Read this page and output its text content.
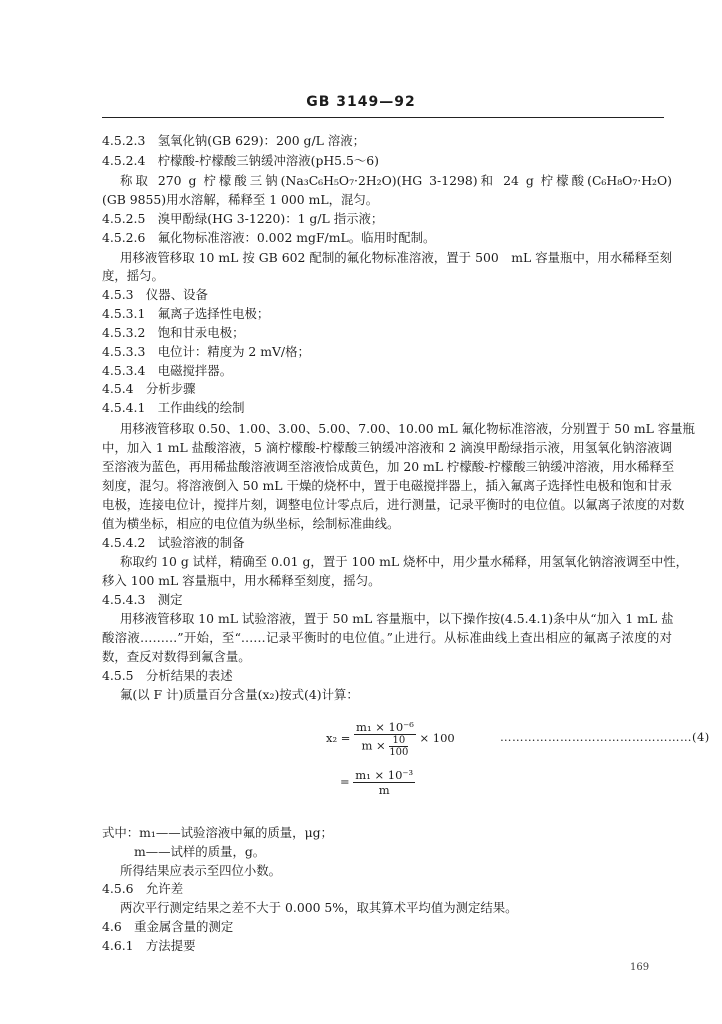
GB 3149—92
4.5.2.3　氢氧化钠(GB 629)：200 g/L 溶液；
4.5.2.4　柠檬酸-柠檬酸三钠缓冲溶液(pH5.5～6)
称取 270 g 柠檬酸三钠(Na₃C₆H₅O₇·2H₂O)(HG 3-1298)和 24 g 柠檬酸(C₆H₈O₇·H₂O)
(GB 9855)用水溶解，稀释至 1 000 mL，混匀。
4.5.2.5　溴甲酚绿(HG 3-1220)：1 g/L 指示液；
4.5.2.6　氟化物标准溶液：0.002 mgF/mL。临用时配制。
用移液管移取 10 mL 按 GB 602 配制的氟化物标准溶液，置于 500　mL 容量瓶中，用水稀释至刻
度，摇匀。
4.5.3　仪器、设备
4.5.3.1　氟离子选择性电极；
4.5.3.2　饱和甘汞电极；
4.5.3.3　电位计：精度为 2 mV/格；
4.5.3.4　电磁搅拌器。
4.5.4　分析步骤
4.5.4.1　工作曲线的绘制
用移液管移取 0.50、1.00、3.00、5.00、7.00、10.00 mL 氟化物标准溶液，分别置于 50 mL 容量瓶
中，加入 1 mL 盐酸溶液，5 滴柠檬酸-柠檬酸三钠缓冲溶液和 2 滴溴甲酚绿指示液，用氢氧化钠溶液调
至溶液为蓝色，再用稀盐酸溶液调至溶液恰成黄色，加 20 mL 柠檬酸-柠檬酸三钠缓冲溶液，用水稀释至
刻度，混匀。将溶液倒入 50 mL 干燥的烧杯中，置于电磁搅拌器上，插入氟离子选择性电极和饱和甘汞
电极，连接电位计，搅拌片刻，调整电位计零点后，进行测量，记录平衡时的电位值。以氟离子浓度的对数
值为横坐标，相应的电位值为纵坐标，绘制标准曲线。
4.5.4.2　试验溶液的制备
称取约 10 g 试样，精确至 0.01 g，置于 100 mL 烧杯中，用少量水稀释，用氢氧化钠溶液调至中性，
移入 100 mL 容量瓶中，用水稀释至刻度，摇匀。
4.5.4.3　测定
用移液管移取 10 mL 试验溶液，置于 50 mL 容量瓶中，以下操作按(4.5.4.1)条中从“加入 1 mL 盐
酸溶液………”开始，至“……记录平衡时的电位值。”止进行。从标准曲线上查出相应的氟离子浓度的对
数，查反对数得到氟含量。
4.5.5　分析结果的表述
氟(以 F 计)质量百分含量(x₂)按式(4)计算：
$x_2 = \frac{\text{m₁ × 10⁻⁶}}{m \times \frac{10}{100}} \times 100$	…………………………………………(4)
= $\frac{\text{m₁ × 10⁻³}}{m}$
式中：m₁——试验溶液中氟的质量，μg；
m——试样的质量，g。
所得结果应表示至四位小数。
4.5.6　允许差
两次平行测定结果之差不大于 0.000 5%，取其算术平均值为测定结果。
4.6　重金属含量的测定
4.6.1　方法提要
169
